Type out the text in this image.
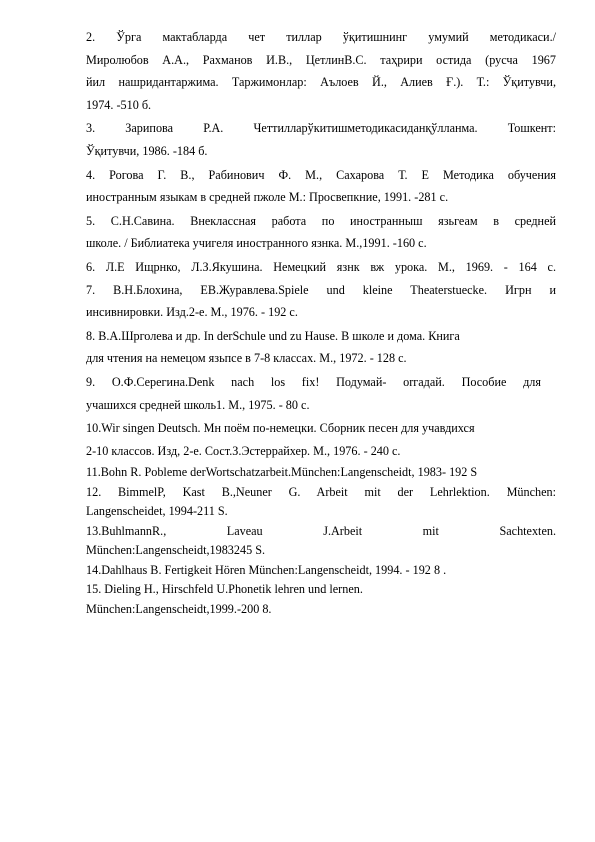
2. Ўрга мактабларда чет тиллар ўқитишнинг умумий методикаси./
Миролюбов А.А., Рахманов И.В., ЦетлинВ.С. таҳрири остида (русча 1967
йил нашридантаржима. Таржимонлар: Аълоев Й., Алиев Ғ.). Т.: Ўқитувчи,
1974. -510 б.
3. Зарипова Р.А. Четтилларўкитишметодикасиданқўлланма. Тошкент:
Ўқитувчи, 1986. -184 б.
4. Рогова Г. В., Рабинович Ф. М., Сахарова Т. Е Методика обучения
иностранным языкам в средней пжоле М.: Просвепкние, 1991. -281 с.
5. С.Н.Савина. Внеклассная работа по иностранныш язьгеам в средней
школе. / Библиатека учигеля иностранного язнка. М.,1991. -160 с.
6. Л.Е Ищрнко, Л.З.Якушина. Немецкий язнк вж урока. М., 1969. - 164 с.
7. В.Н.Блохина, ЕВ.Журавлева.Spiele und kleine Theaterstuecke. Игрн и
инсивнировки. Изд.2-е. М., 1976. - 192 с.
8. В.А.Шрголева и др. In derSchule und zu Hause. В школе и дома. Книга
для чтения на немецом язьпсе в 7-8 классах. М., 1972. - 128 с.
9. О.Ф.Серегина.Denk nach los fix! Подумай- orгадай. Пособие для
учашихся средней школь1. М., 1975. - 80 с.
10.Wir singen Deutsch. Мн поём по-немецки. Сборник песен для учавдихся
2-10 классов. Изд, 2-е. Сост.З.Эстеррайхер. М., 1976. - 240 с.
11.Bohn R. Pobleme derWortschatzarbeit.München:Langenscheidt, 1983- 192 S
12. BimmelP, Kast B.,Neuner G. Arbeit mit der Lehrlektion. München:
Langenscheidet, 1994-211 S.
13.BuhlmannR., Laveau J.Arbeit mit Sachtexten.
München:Langenscheidt,1983245 S.
14.Dahlhaus B. Fertigkeit Hören München:Langenscheidt, 1994. - 192 8 .
15. Dieling H., Hirschfeld U.Phonetik lehren und lernen.
München:Langenscheidt,1999.-200 8.
